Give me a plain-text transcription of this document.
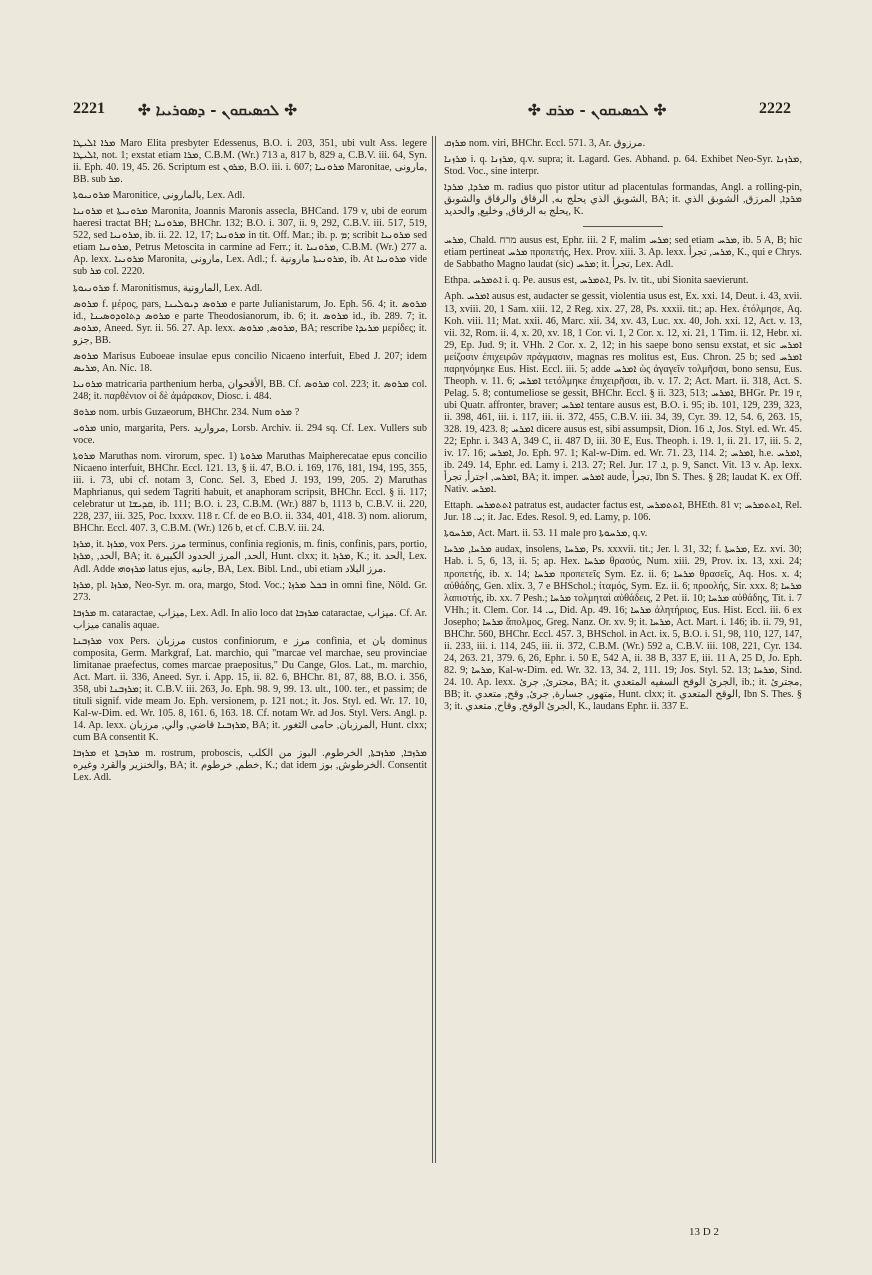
2221 ✣ ܠܟܣܝܩܘܢ - ܕܣܘܪܝܝܐ ✣	✣ ܠܟܣܝܩܘܢ - ܡܪܩ ✣	2222

ܡܪܐ ܐܠܝܛܐ Maro Elita presbyter Edessenus, B.O. i. 203, 351, ubi vult Ass. legere ܐܠܝܛܐ, not. 1; exstat etiam ܡܪܐ, C.B.M. (Wr.) 713 a, 817 b, 829 a, C.B.V. iii. 64, Syn. ii. Eph. 40. 19, 45. 26. Scriptum est ܡܪܘܢ, B.O. iii. i. 607; ܡܪܘܢܝܐ Maronitae, مارونی, BB. sub ܡܪ.

ܡܪܘܢܝܘܬܐ Maronitice, بالمارونی, Lex. Adl.

ܡܪܘܢܝܐ et ܡܪܘܢܝܬܐ Maronita, Joannis Maronis assecla, BHCand. 179 v, ubi de eorum haeresi tractat BH; ܡܪܘܢܝܐ, BHChr. 132; B.O. i. 307, ii. 9, 292, C.B.V. iii. 517, 519, 522, sed ܡܪܘܢܝܐ, ib. ii. 22. 12, 17; ܡܪܘܢܝܐ in tit. Off. Mar.; ib. p. ܡ; scribit ܡܪܘܢܝܐ sed etiam ܡܪܘܢܝܐ, Petrus Metoscita in carmine ad Ferr.; it. ܡܪܘܢܝܐ, C.B.M. (Wr.) 277 a. Ap. lexx. ܡܪܘܢܝܐ Maronita, مارونی, Lex. Adl.; f. ܡܪܘܢܝܬܐ مارونیة, ib. At ܡܪܘܢܝܐ vide sub ܡܪ col. 2220.

ܡܪܘܢܝܘܬܐ f. Maronitismus, المارونیة, Lex. Adl.

ܡܪܘܣ f. μέρος, pars, ܡܪܘܣ ܕܝܘܠܝܢܐ e parte Julianistarum, Jo. Eph. 56. 4; it. ܡܪܘܣ id., ܡܪܘܣ ܕܬܐܘܕܘܣܝܢܐ e parte Theodosianorum, ib. 6; it. ܡܪܘܣ id., ib. 289. 7; it. ܡܪܘܣ, Aneed. Syr. ii. 56. 27. Ap. lexx. ܡܪܘܣ, ܡܪܘܣ, BA; rescribe ܡܪܝܕܐ μερίδες; it. جزو, BB.

ܡܪܘܣ Marisus Euboeae insulae epus concilio Nicaeno interfuit, Ebed J. 207; idem ܡܪܝܣ, An. Nic. 18.

ܡܪܘܢܝܐ matricaria parthenium herba, الأقحوان, BB. Cf. ܡܪܘܣ col. 223; it. ܡܪܘܣ col. 248; it. παρθένιον οἱ δὲ ἀμάρακον, Diosc. i. 484.

ܡܪܘܦ nom. urbis Guzaeorum, BHChr. 234. Num ܡܪܘ ?

ܡܪܘܝ unio, margarita, Pers. مروارید, Lorsb. Archiv. ii. 294 sq. Cf. Lex. Vullers sub voce.

ܡܪܘܬܐ Maruthas nom. virorum, spec. 1) ܡܪܘܬܐ Maruthas Maipherecatae epus concilio Nicaeno interfuit, BHChr. Eccl. 121. 13, § ii. 47, B.O. i. 169, 176, 181, 194, 195, 355, iii. i. 73, ubi cf. notam 3, Conc. Sel. 3, Ebed J. 193, 199, 205. 2) Maruthas Maphrianus, qui sedem Tagriti habuit, et anaphoram scripsit, BHChr. Eccl. § ii. 117; celebratur ut ܩܕܝܫܐ, ib. 111; B.O. i. 23, C.B.M. (Wr.) 887 b, 1113 b, C.B.V. ii. 220, 228, 237, iii. 325, Poc. lxxxv. 118 r. Cf. de eo B.O. ii. 334, 401, 418. 3) nom. aliorum, BHChr. Eccl. 407. 3, C.B.M. (Wr.) 126 b, et cf. C.B.V. iii. 24.

ܡܪܙܐ, it. ܡܪܙܐ, vox Pers. مرز terminus, confinia regionis, m. finis, confinis, pars, portio, الحد, ,ܡܪܙܐ, BA; it. الحد, المرز الحدود الكبيرة, Hunt. clxx; it. ܡܪܙܐ, K.; it. الحد, Lex. Adl. Adde ܡܪܙܘܗܝ latus ejus, جانبه, BA, Lex. Bibl. Lnd., ubi etiam مرز البلاد.

ܡܪܙܐ, pl. ܡܪܙܐ, Neo-Syr. m. ora, margo, Stod. Voc.; ܒܟܠ ܡܪܙܐ in omni fine, Nöld. Gr. 273.

ܡܪܙܒܐ m. cataractae, ميزاب, Lex. Adl. In alio loco dat ܡܪܙܒܐ cataractae, ميزاب. Cf. Ar. ميزاب canalis aquae.

ܡܪܙܒܢܐ vox Pers. مرزبان custos confiniorum, e مرز confinia, et بان dominus composita, Germ. Markgraf, Lat. marchio, qui "marcae vel marchae, seu provinciae limitanae praefectus, comes marcae praepositus," Du Cange, Glos. Lat., m. marchio, Act. Mart. ii. 336, Aneed. Syr. i. App. 15, ii. 82. 6, BHChr. 81, 87, 88, B.O. i. 356, 358, ubi ܡܪܙܒܢܐ; it. C.B.V. iii. 263, Jo. Eph. 98. 9, 99. 13. ult., 100. ter., et passim; de tituli signif. vide meam Jo. Eph. versionem, p. 121 not.; it. Jos. Styl. ed. Wr. 17. 10, Kal-w-Dim. ed. Wr. 105. 8, 161. 6, 163. 18. Cf. notam Wr. ad Jos. Styl. Vers. Angl. p. 14. Ap. lexx. ܡܪܙܒܢܐ قاضي, والي, مرزبان, BA; it. المرزبان, حامی الثغور, Hunt. clxx; cum BA consentit K.

ܡܪܙܒܐ et ܡܪܙܒܬܐ m. rostrum, proboscis, ܡܪܙܒܐ, ܡܪܙܒܬܐ, الخرطوم. البوز من الكلب والخنزير والقرد وغيره, BA; it. خطم, خرطوم, K.; dat idem الخرطوش, بوز. Consentit Lex. Adl.

ܡܪܙܩ nom. viri, BHChr. Eccl. 571. 3, Ar. مرزوق.

ܡܪܙܢܐ i. q. ܡܪܙܢܐ, q.v. supra; it. Lagard. Ges. Abhand. p. 64. Exhibet Neo-Syr. ܡܪܙܢܐ, Stod. Voc., sine interpr.

ܡܪܕܐ, ܡܪܕܐ m. radius quo pistor utitur ad placentulas formandas, Angl. a rolling-pin, الشوبق الذي يحلج به, الرقاق والرقاق والشوبق, BA; it. ܡܪܕܐ, المرزق, الشوبق الذي يحلج به الرقاق, وخليع, والحديد, K.

ܡܪܚ, Chald. מרח ausus est, Ephr. iii. 2 F, malim ܡܪܚ; sed etiam ܡܪܚ, ib. 5 A, B; hic etiam pertineat ܡܪܚ προπετής, Hex. Prov. xiii. 3. Ap. lexx. ܡܪܚ, تجرأ, K., qui e Chrys. de Sabbatho Magno laudat (sic) ܡܪܚ; it. تجرأ, Lex. Adl.

Ethpa. ܐܬܡܪܚ i. q. Pe. ausus est, ܐܬܡܪܚ, Ps. lv. tit., ubi Sionita saevierunt.

Aph. ܐܡܪܚ ausus est, audacter se gessit, violentia usus est, Ex. xxi. 14, Deut. i. 43, xvii. 13, xviii. 20, 1 Sam. xiii. 12, 2 Reg. xix. 27, 28, Ps. xxxii. tit.; ap. Hex. ἐτόλμησε, Aq. Koh. viii. 11; Mat. xxii. 46, Marc. xii. 34, xv. 43, Luc. xx. 40, Joh. xxi. 12, Act. v. 13, vii. 32, Rom. ii. 4, x. 20, xv. 18, 1 Cor. vi. 1, 2 Cor. x. 12, xi. 21, 1 Tim. ii. 12, Hebr. xi. 29, Ep. Jud. 9; it. VHh. 2 Cor. x. 2, 12; in his saepe bono sensu exstat, et sic ܐܡܪܚ μείζοσιν ἐπιχειρῶν πράγμασιν, magnas res molitus est, Eus. Chron. 25 b; sed ܐܡܪܚ παρηνόμηκε Eus. Hist. Eccl. iii. 5; adde ܐܡܪܚ ὡς ἀγαγεῖν τολμῆσαι, bono sensu, Eus. Theoph. v. 11. 6; ܐܡܪܚ τετόλμηκε ἐπιχειρῆσαι, ib. v. 17. 2; Act. Mart. ii. 318, Act. S. Pelag. 5. 8; contumeliose se gessit, BHChr. Eccl. § ii. 323, 513; ܐܡܪܚ, BHGr. Pr. 19 r, ubi Quatr. affronter, braver; ܐܡܪܚ tentare ausus est, B.O. i. 95; ib. 101, 129, 239, 323, ii. 398, 461, iii. i. 117, iii. ii. 372, 455, C.B.V. iii. 34, 39, Cyr. 39. 12, 54. 6, 263. 15, 328. 19, 423. 8; ܐܡܪܚ dicere ausus est, sibi assumpsit, Dion. ܐ. 16, Jos. Styl. ed. Wr. 45. 22; Ephr. i. 343 A, 349 C, ii. 487 D, iii. 30 E, Eus. Theoph. i. 19. 1, ii. 21. 17, iii. 5. 2, iv. 17. 16; ܐܡܪܚ, Jo. Eph. 97. 1; Kal-w-Dim. ed. Wr. 71. 23, 114. 2; ܐܡܪܚ, h.e. ܐܡܪܚ, ib. 249. 14, Ephr. ed. Lamy i. 213. 27; Rel. Jur. ܐ. 17, p. 9, Sanct. Vit. 13 v. Ap. lexx. ܐܡܪܚ, اجترأ, تجرأ, BA; it. imper. ܐܡܪܚ aude, تجرأ, Ibn S. Thes. § 28; laudat K. ex Off. Nativ. ܐܡܪܚ.

Ettaph. ܐܬܬܡܪܚ patratus est, audacter factus est, ܐܬܬܡܪܚ, BHEth. 81 v; ܐܬܬܡܪܚ, Rel. Jur. ܝ. 18; it. Jac. Edes. Resol. 9, ed. Lamy, p. 106.

ܡܪܚܘܬܐ, Act. Mart. ii. 53. 11 male pro ܡܪܚܘܬܐ, q.v.

ܡܪܚܐ, ܡܪܚܐ audax, insolens, ܡܪܚܐ, Ps. xxxvii. tit.; Jer. l. 31, 32; f. ܡܪܚܬܐ, Ez. xvi. 30; Hab. i. 5, 6, 13, ii. 5; ap. Hex. ܡܪܚܐ θρασύς, Num. xiii. 29, Prov. ix. 13, xxi. 24; προπετής, ib. x. 14; ܡܪܚܐ προπετεῖς Sym. Ez. ii. 6; ܡܪܚܐ θρασεῖς, Aq. Hos. x. 4; αὐθάδης, Gen. xlix. 3, 7 e BHSchol.; ἰταμός, Sym. Ez. ii. 6; προολής, Sir. xxx. 8; ܡܪܚܐ λαπιστής, ib. xx. 7 Pesh.; ܡܪܚܐ τολμηταὶ αὐθάδεις, 2 Pet. ii. 10; ܡܪܚܐ αὐθάδης, Tit. i. 7 VHh.; it. Clem. Cor. ܝ. 14, Did. Ap. 49. 16; ܡܪܚܐ ἀλητήριος, Eus. Hist. Eccl. iii. 6 ex Josepho; ܡܪܚܐ ἄπολμος, Greg. Nanz. Or. xv. 9; it. ܡܪܚܐ, Act. Mart. i. 146; ib. ii. 79, 91, BHChr. 560, BHChr. Eccl. 457. 3, BHSchol. in Act. ix. 5, B.O. i. 51, 98, 110, 127, 147, ii. 233, iii. i. 114, 245, iii. ii. 372, C.B.M. (Wr.) 592 a, C.B.V. iii. 108, 221, Cyr. 134. 24, 263. 21, 379. 6, 26, Ephr. i. 50 E, 542 A, ii. 38 B, 337 E, iii. 11 A, 25 D, Jo. Eph. 82. 9; ܡܪܚܐ, Kal-w-Dim. ed. Wr. 32. 13, 34. 2, 111. 19; Jos. Styl. 52. 13; ܡܪܚܐ, Sind. 24. 10. Ap. lexx. مجترئ, جرئ, BA; it. الجرئ الوقح السفيه المتعدي, ib.; it. مجترئ, BB; it. متهور, جسارة, جرئ, وقح, متعدي, Hunt. clxx; it. الوقح المتعدي, Ibn S. Thes. § 3; it. الجرئ الوقح, وقاح, متعدي, K., laudans Ephr. ii. 337 E.

13 D 2
